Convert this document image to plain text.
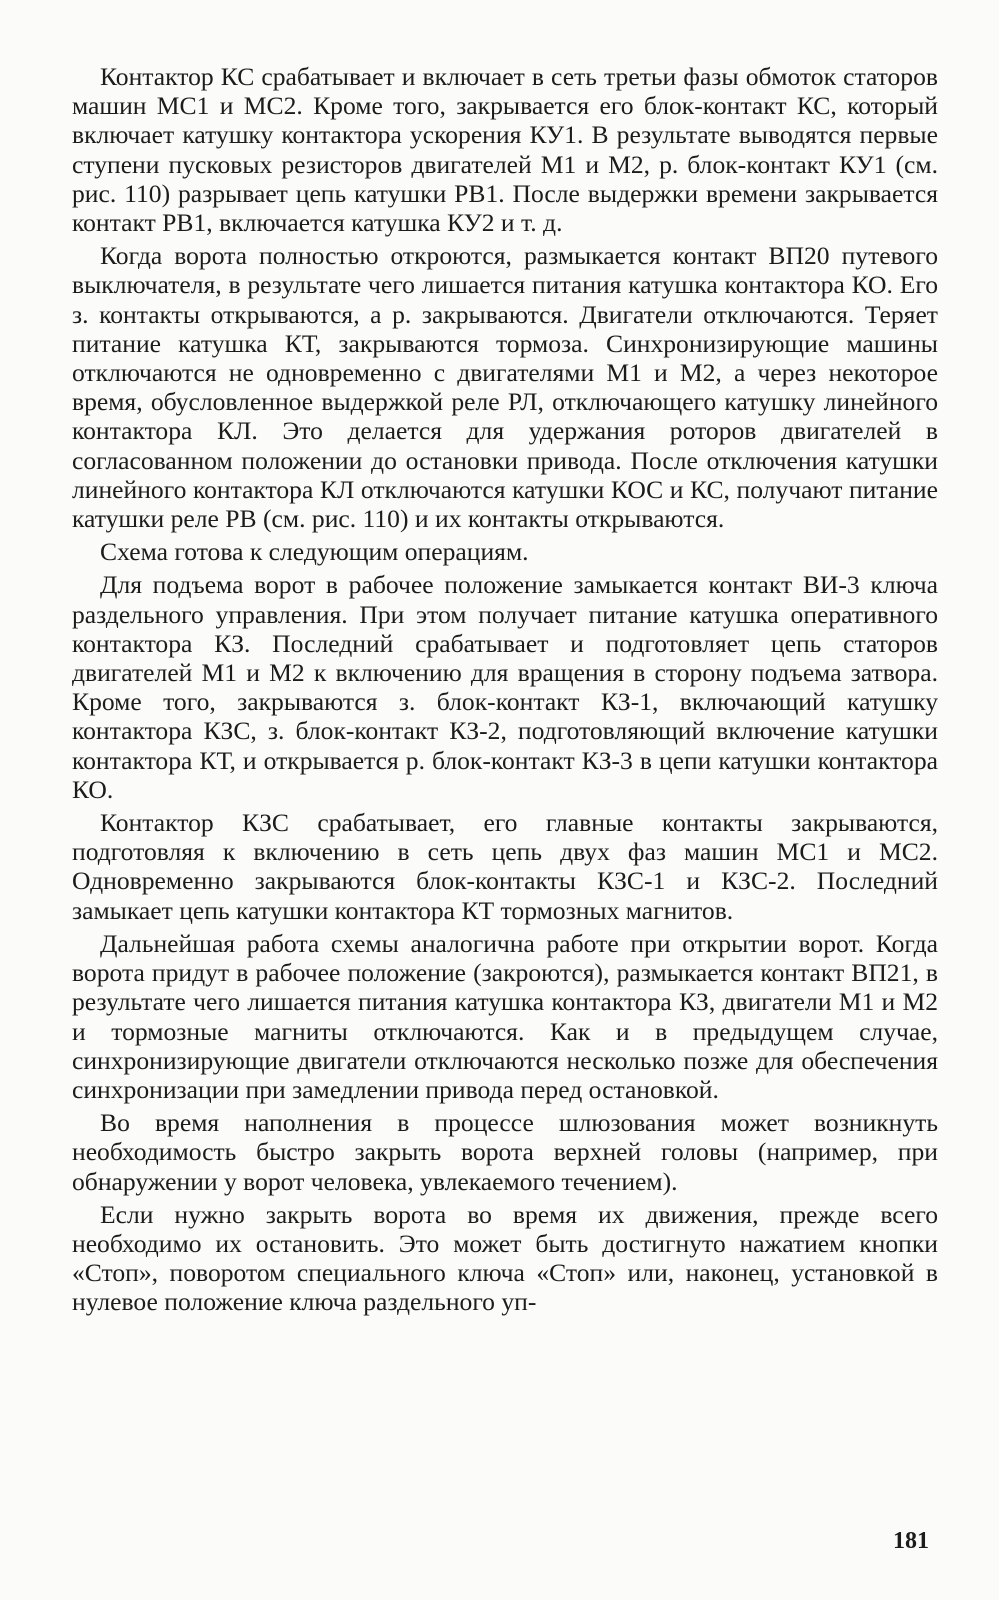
Контактор КС срабатывает и включает в сеть третьи фазы обмоток статоров машин МС1 и МС2. Кроме того, закрывается его блок-контакт КС, который включает катушку контактора ускорения КУ1. В результате выводятся первые ступени пусковых резисторов двигателей М1 и М2, р. блок-контакт КУ1 (см. рис. 110) разрывает цепь катушки РВ1. После выдержки времени закрывается контакт РВ1, включается катушка КУ2 и т. д.

Когда ворота полностью откроются, размыкается контакт ВП20 путевого выключателя, в результате чего лишается питания катушка контактора КО. Его з. контакты открываются, а р. закрываются. Двигатели отключаются. Теряет питание катушка КТ, закрываются тормоза. Синхронизирующие машины отключаются не одновременно с двигателями М1 и М2, а через некоторое время, обусловленное выдержкой реле РЛ, отключающего катушку линейного контактора КЛ. Это делается для удержания роторов двигателей в согласованном положении до остановки привода. После отключения катушки линейного контактора КЛ отключаются катушки КОС и КС, получают питание катушки реле РВ (см. рис. 110) и их контакты открываются.

Схема готова к следующим операциям.

Для подъема ворот в рабочее положение замыкается контакт ВИ-3 ключа раздельного управления. При этом получает питание катушка оперативного контактора КЗ. Последний срабатывает и подготовляет цепь статоров двигателей М1 и М2 к включению для вращения в сторону подъема затвора. Кроме того, закрываются з. блок-контакт КЗ-1, включающий катушку контактора КЗС, з. блок-контакт КЗ-2, подготовляющий включение катушки контактора КТ, и открывается р. блок-контакт КЗ-3 в цепи катушки контактора КО.

Контактор КЗС срабатывает, его главные контакты закрываются, подготовляя к включению в сеть цепь двух фаз машин МС1 и МС2. Одновременно закрываются блок-контакты КЗС-1 и КЗС-2. Последний замыкает цепь катушки контактора КТ тормозных магнитов.

Дальнейшая работа схемы аналогична работе при открытии ворот. Когда ворота придут в рабочее положение (закроются), размыкается контакт ВП21, в результате чего лишается питания катушка контактора КЗ, двигатели М1 и М2 и тормозные магниты отключаются. Как и в предыдущем случае, синхронизирующие двигатели отключаются несколько позже для обеспечения синхронизации при замедлении привода перед остановкой.

Во время наполнения в процессе шлюзования может возникнуть необходимость быстро закрыть ворота верхней головы (например, при обнаружении у ворот человека, увлекаемого течением).

Если нужно закрыть ворота во время их движения, прежде всего необходимо их остановить. Это может быть достигнуто нажатием кнопки «Стоп», поворотом специального ключа «Стоп» или, наконец, установкой в нулевое положение ключа раздельного уп-

181
